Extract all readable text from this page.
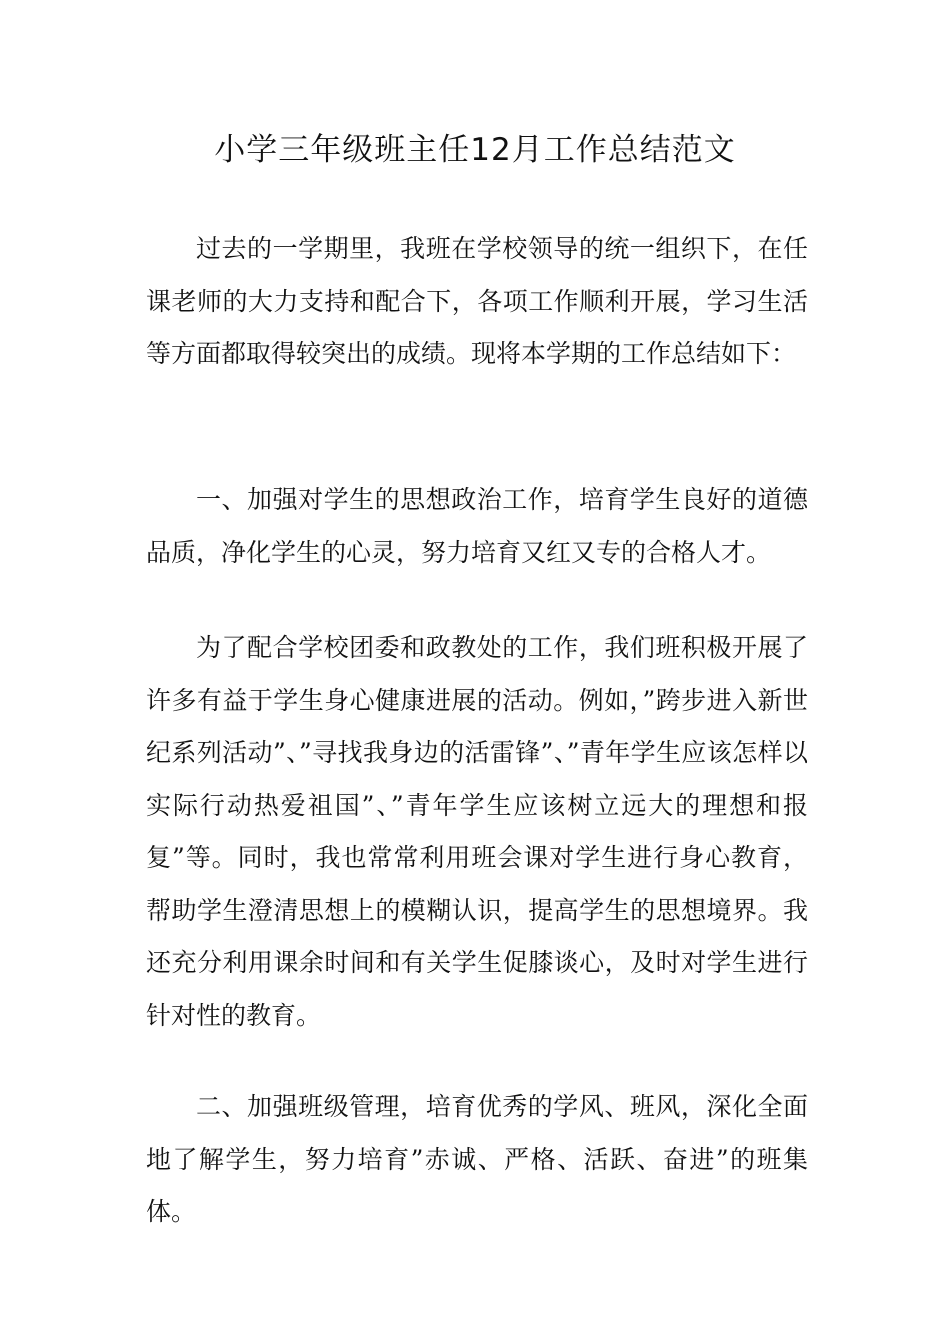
小学三年级班主任12月工作总结范文

过去的一学期里，我班在学校领导的统一组织下，在任课老师的大力支持和配合下，各项工作顺利开展，学习生活等方面都取得较突出的成绩。现将本学期的工作总结如下：

一、加强对学生的思想政治工作，培育学生良好的道德品质，净化学生的心灵，努力培育又红又专的合格人才。

为了配合学校团委和政教处的工作，我们班积极开展了许多有益于学生身心健康进展的活动。例如，”跨步进入新世纪系列活动”、”寻找我身边的活雷锋”、”青年学生应该怎样以实际行动热爱祖国”、”青年学生应该树立远大的理想和报复”等。同时，我也常常利用班会课对学生进行身心教育，帮助学生澄清思想上的模糊认识，提高学生的思想境界。我还充分利用课余时间和有关学生促膝谈心，及时对学生进行针对性的教育。

二、加强班级管理，培育优秀的学风、班风，深化全面地了解学生，努力培育”赤诚、严格、活跃、奋进”的班集体。
